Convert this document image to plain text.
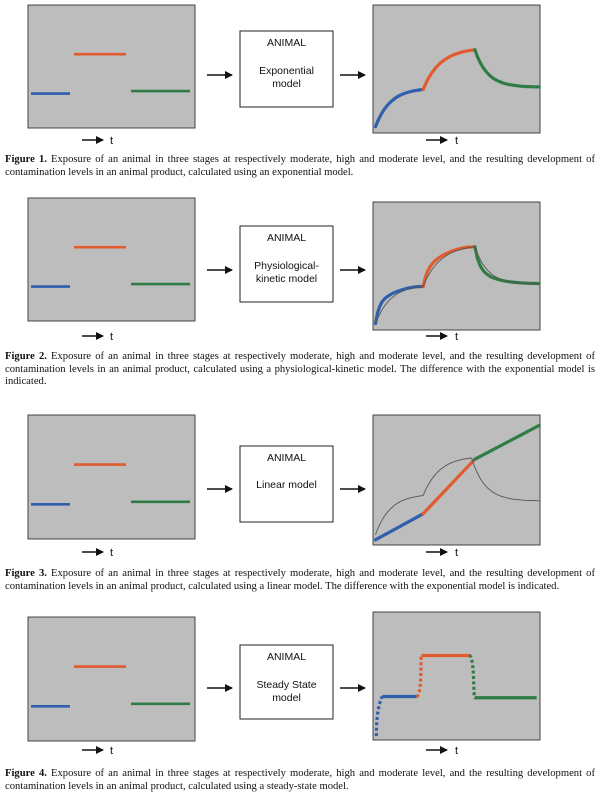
t
ANIMAL
Exponential
model
t
t
ANIMAL
Physiological-
kinetic model
t
t
ANIMAL
Linear model
t
t
ANIMAL
Steady State
model
t

Figure 1. Exposure of an animal in three stages at respectively moderate, high and moderate level, and the resulting development of contamination levels in an animal product, calculated using an exponential model.

Figure 2. Exposure of an animal in three stages at respectively moderate, high and moderate level, and the resulting development of contamination levels in an animal product, calculated using a physiological-kinetic model. The difference with the exponential model is indicated.

Figure 3. Exposure of an animal in three stages at respectively moderate, high and moderate level, and the resulting development of contamination levels in an animal product, calculated using a linear model. The difference with the exponential model is indicated.

Figure 4. Exposure of an animal in three stages at respectively moderate, high and moderate level, and the resulting development of contamination levels in an animal product, calculated using a steady-state model.
